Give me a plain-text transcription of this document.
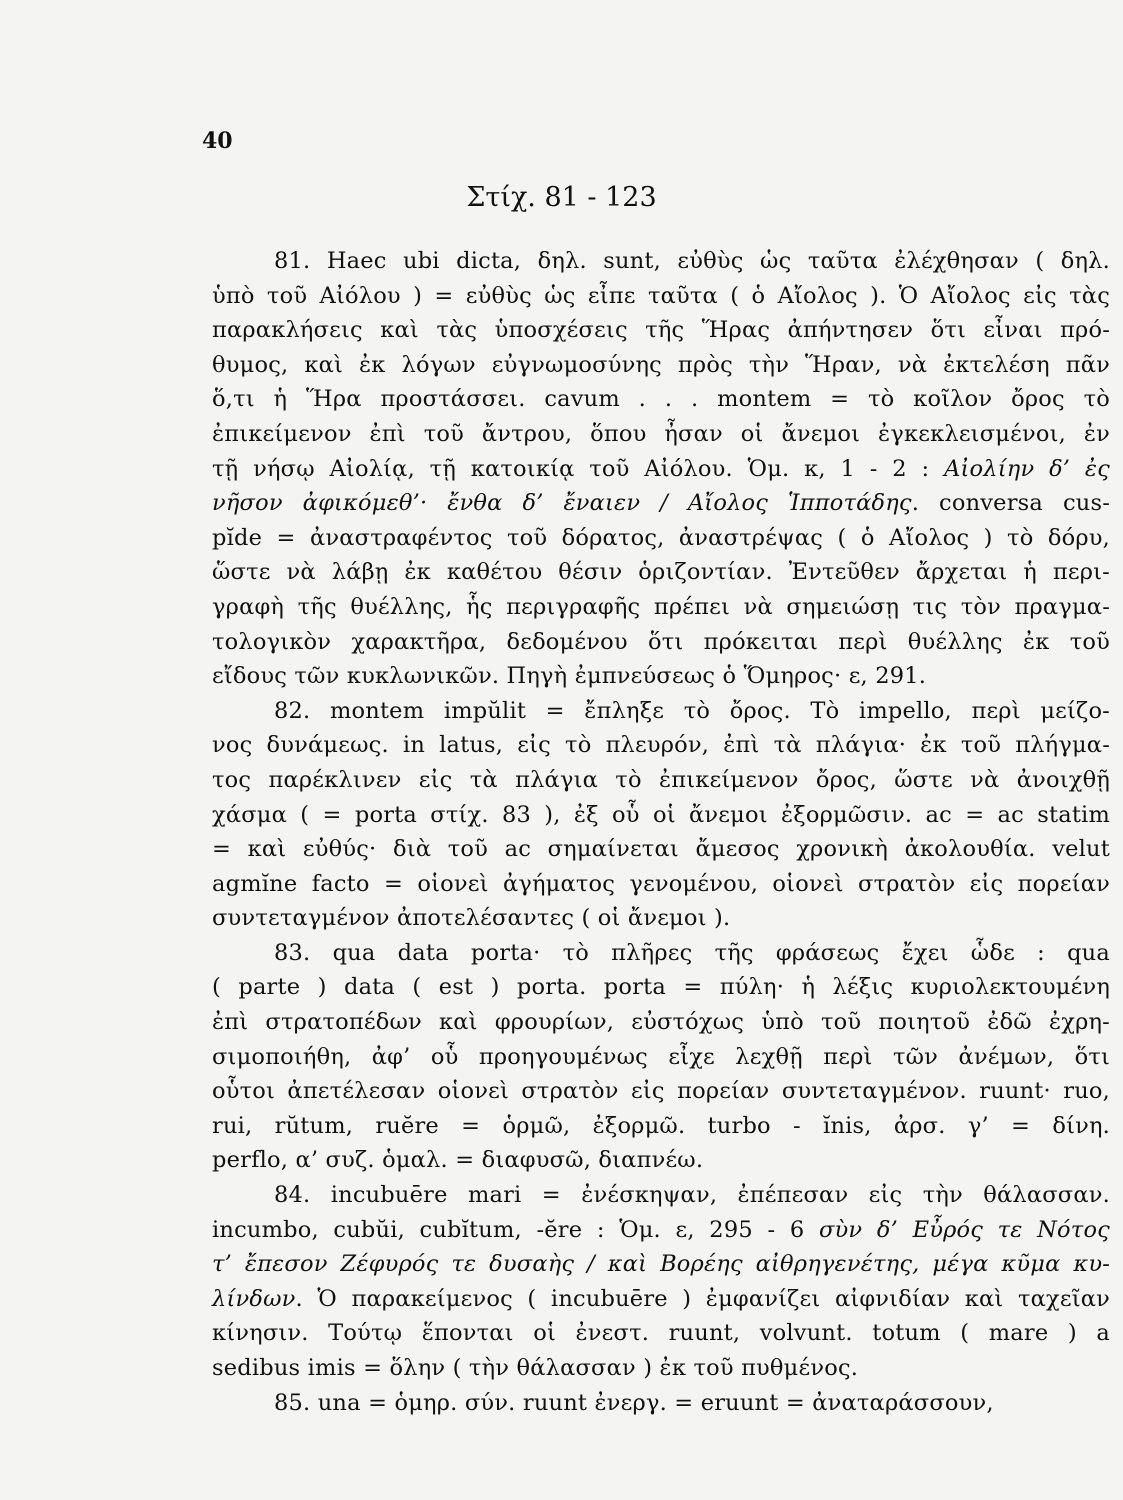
40
Στίχ. 81 - 123
81. Haec ubi dicta, δηλ. sunt, εὐθὺς ὡς ταῦτα ἐλέχθησαν ( δηλ.
ὑπὸ τοῦ Αἰόλου ) = εὐθὺς ὡς εἶπε ταῦτα ( ὁ Αἴολος ). Ὁ Αἴολος εἰς τὰς
παρακλήσεις καὶ τὰς ὑποσχέσεις τῆς Ἥρας ἀπήντησεν ὅτι εἶναι πρό-
θυμος, καὶ ἐκ λόγων εὐγνωμοσύνης πρὸς τὴν Ἥραν, νὰ ἐκτελέση πᾶν
ὅ,τι ἡ Ἥρα προστάσσει. cavum . . . montem = τὸ κοῖλον ὄρος τὸ
ἐπικείμενον ἐπὶ τοῦ ἄντρου, ὅπου ἦσαν οἱ ἄνεμοι ἐγκεκλεισμένοι, ἐν
τῇ νήσῳ Αἰολίᾳ, τῇ κατοικίᾳ τοῦ Αἰόλου. Ὁμ. κ, 1 - 2 : Αἰολίην δ’ ἐς
νῆσον ἀφικόμεθ’· ἔνθα δ’ ἔναιεν / Αἴολος Ἱπποτάδης. conversa cus-
pĭde = ἀναστραφέντος τοῦ δόρατος, ἀναστρέψας ( ὁ Αἴολος ) τὸ δόρυ,
ὥστε νὰ λάβῃ ἐκ καθέτου θέσιν ὁριζοντίαν. Ἐντεῦθεν ἄρχεται ἡ περι-
γραφὴ τῆς θυέλλης, ἧς περιγραφῆς πρέπει νὰ σημειώσῃ τις τὸν πραγμα-
τολογικὸν χαρακτῆρα, δεδομένου ὅτι πρόκειται περὶ θυέλλης ἐκ τοῦ
εἴδους τῶν κυκλωνικῶν. Πηγὴ ἐμπνεύσεως ὁ Ὅμηρος· ε, 291.
82. montem impŭlit = ἔπληξε τὸ ὄρος. Τὸ impello, περὶ μείζο-
νος δυνάμεως. in latus, εἰς τὸ πλευρόν, ἐπὶ τὰ πλάγια· ἐκ τοῦ πλήγμα-
τος παρέκλινεν εἰς τὰ πλάγια τὸ ἐπικείμενον ὄρος, ὥστε νὰ ἀνοιχθῇ
χάσμα ( = porta στίχ. 83 ), ἐξ οὗ οἱ ἄνεμοι ἐξορμῶσιν. ac = ac statim
= καὶ εὐθύς· διὰ τοῦ ac σημαίνεται ἄμεσος χρονικὴ ἀκολουθία. velut
agmĭne facto = οἱονεὶ ἀγήματος γενομένου, οἱονεὶ στρατὸν εἰς πορείαν
συντεταγμένον ἀποτελέσαντες ( οἱ ἄνεμοι ).
83. qua data porta· τὸ πλῆρες τῆς φράσεως ἔχει ὧδε : qua
( parte ) data ( est ) porta. porta = πύλη· ἡ λέξις κυριολεκτουμένη
ἐπὶ στρατοπέδων καὶ φρουρίων, εὐστόχως ὑπὸ τοῦ ποιητοῦ ἐδῶ ἐχρη-
σιμοποιήθη, ἀφ’ οὗ προηγουμένως εἶχε λεχθῇ περὶ τῶν ἀνέμων, ὅτι
οὗτοι ἀπετέλεσαν οἱονεὶ στρατὸν εἰς πορείαν συντεταγμένον. ruunt· ruo,
rui, rŭtum, ruĕre = ὁρμῶ, ἐξορμῶ. turbo - ĭnis, ἀρσ. γ’ = δίνη.
perflo, α’ συζ. ὁμαλ. = διαφυσῶ, διαπνέω.
84. incubuēre mari = ἐνέσκηψαν, ἐπέπεσαν εἰς τὴν θάλασσαν.
incumbo, cubŭi, cubĭtum, -ĕre : Ὁμ. ε, 295 - 6 σὺν δ’ Εὖρός τε Νότος
τ’ ἔπεσον Ζέφυρός τε δυσαὴς / καὶ Βορέης αἰθρηγενέτης, μέγα κῦμα κυ-
λίνδων. Ὁ παρακείμενος ( incubuēre ) ἐμφανίζει αἰφνιδίαν καὶ ταχεῖαν
κίνησιν. Τούτῳ ἕπονται οἱ ἐνεστ. ruunt, volvunt. totum ( mare ) a
sedibus imis = ὅλην ( τὴν θάλασσαν ) ἐκ τοῦ πυθμένος.
85. una = ὁμηρ. σύν. ruunt ἐνεργ. = eruunt = ἀναταράσσουν,
